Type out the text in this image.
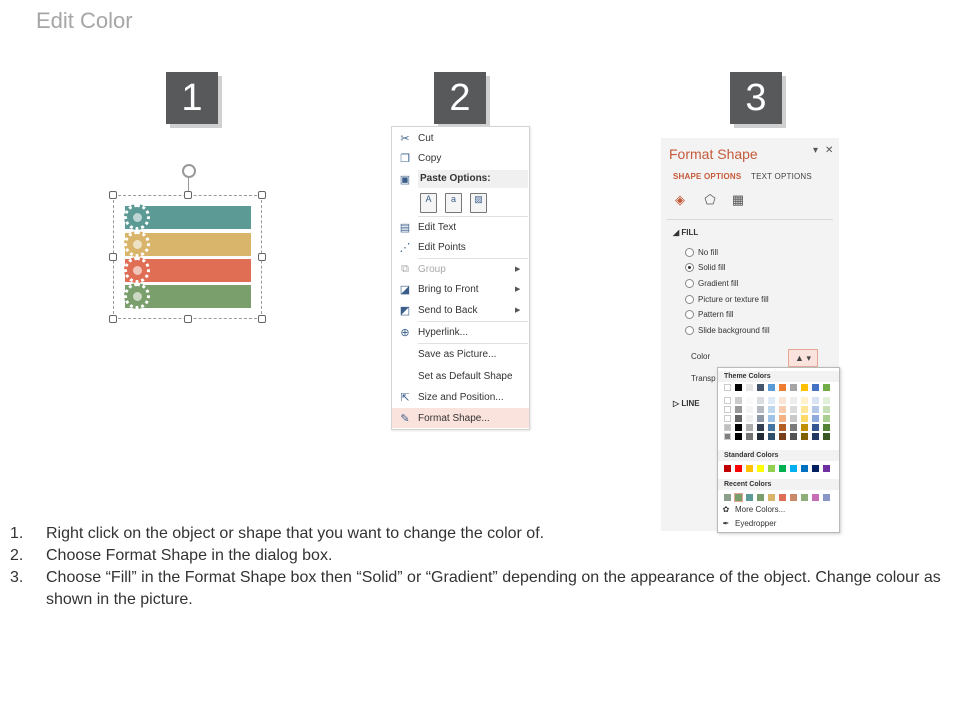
Edit Color
1	2	3
✂ Cut
❐ Copy
▣ Paste Options:
A	a	▨
▤ Edit Text
⋰ Edit Points
⧉ Group	▶
◪ Bring to Front	▶
◩ Send to Back	▶
⊕ Hyperlink...
Save as Picture...
Set as Default Shape
⇱ Size and Position...
✎ Format Shape...
Format Shape	▾ ✕
SHAPE OPTIONS TEXT OPTIONS
◈	⬠ ▦
◢ FILL
No fill
Solid fill
Gradient fill
Picture or texture fill
Pattern fill
Slide background fill
Color
Transp
▷ LINE
▲ ▾
Theme Colors
Standard Colors
Recent Colors
✿ More Colors...
✒ Eyedropper
1. Right click on the object or shape that you want to change the color of.
2. Choose Format Shape in the dialog box.
3. Choose “Fill” in the Format Shape box then “Solid” or “Gradient” depending on the appearance of the object. Change colour as shown in the picture.
